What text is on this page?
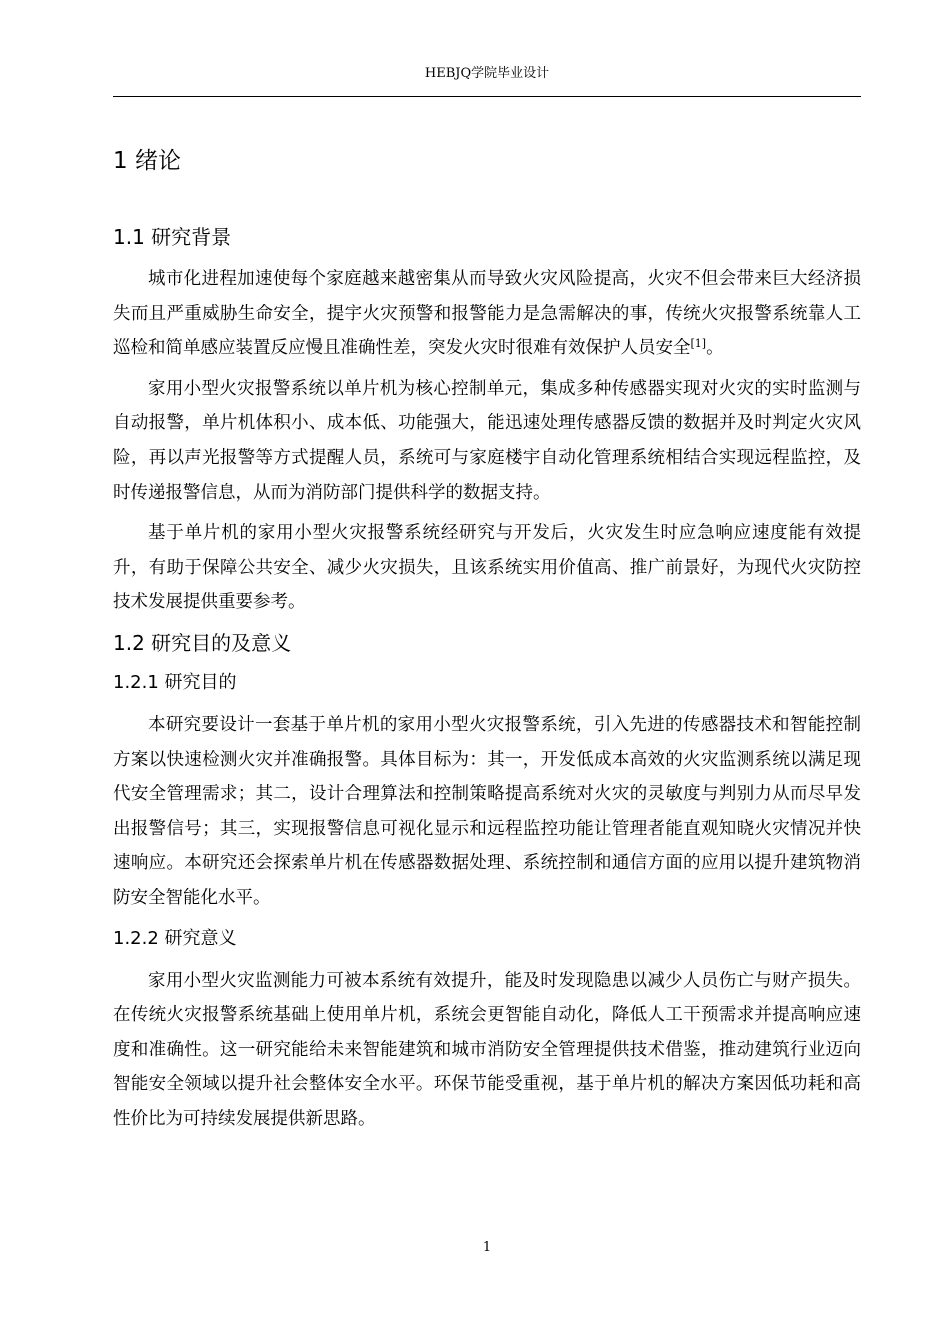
HEBJQ学院毕业设计
1 绪论
1.1 研究背景

城市化进程加速使每个家庭越来越密集从而导致火灾风险提高，火灾不但会带来巨大经济损失而且严重威胁生命安全，提宇火灾预警和报警能力是急需解决的事，传统火灾报警系统靠人工巡检和简单感应装置反应慢且准确性差，突发火灾时很难有效保护人员安全[1]。

家用小型火灾报警系统以单片机为核心控制单元，集成多种传感器实现对火灾的实时监测与自动报警，单片机体积小、成本低、功能强大，能迅速处理传感器反馈的数据并及时判定火灾风险，再以声光报警等方式提醒人员，系统可与家庭楼宇自动化管理系统相结合实现远程监控，及时传递报警信息，从而为消防部门提供科学的数据支持。

基于单片机的家用小型火灾报警系统经研究与开发后，火灾发生时应急响应速度能有效提升，有助于保障公共安全、减少火灾损失，且该系统实用价值高、推广前景好，为现代火灾防控技术发展提供重要参考。

1.2 研究目的及意义
1.2.1 研究目的

本研究要设计一套基于单片机的家用小型火灾报警系统，引入先进的传感器技术和智能控制方案以快速检测火灾并准确报警。具体目标为：其一，开发低成本高效的火灾监测系统以满足现代安全管理需求；其二，设计合理算法和控制策略提高系统对火灾的灵敏度与判别力从而尽早发出报警信号；其三，实现报警信息可视化显示和远程监控功能让管理者能直观知晓火灾情况并快速响应。本研究还会探索单片机在传感器数据处理、系统控制和通信方面的应用以提升建筑物消防安全智能化水平。

1.2.2 研究意义

家用小型火灾监测能力可被本系统有效提升，能及时发现隐患以减少人员伤亡与财产损失。在传统火灾报警系统基础上使用单片机，系统会更智能自动化，降低人工干预需求并提高响应速度和准确性。这一研究能给未来智能建筑和城市消防安全管理提供技术借鉴，推动建筑行业迈向智能安全领域以提升社会整体安全水平。环保节能受重视，基于单片机的解决方案因低功耗和高性价比为可持续发展提供新思路。

1
